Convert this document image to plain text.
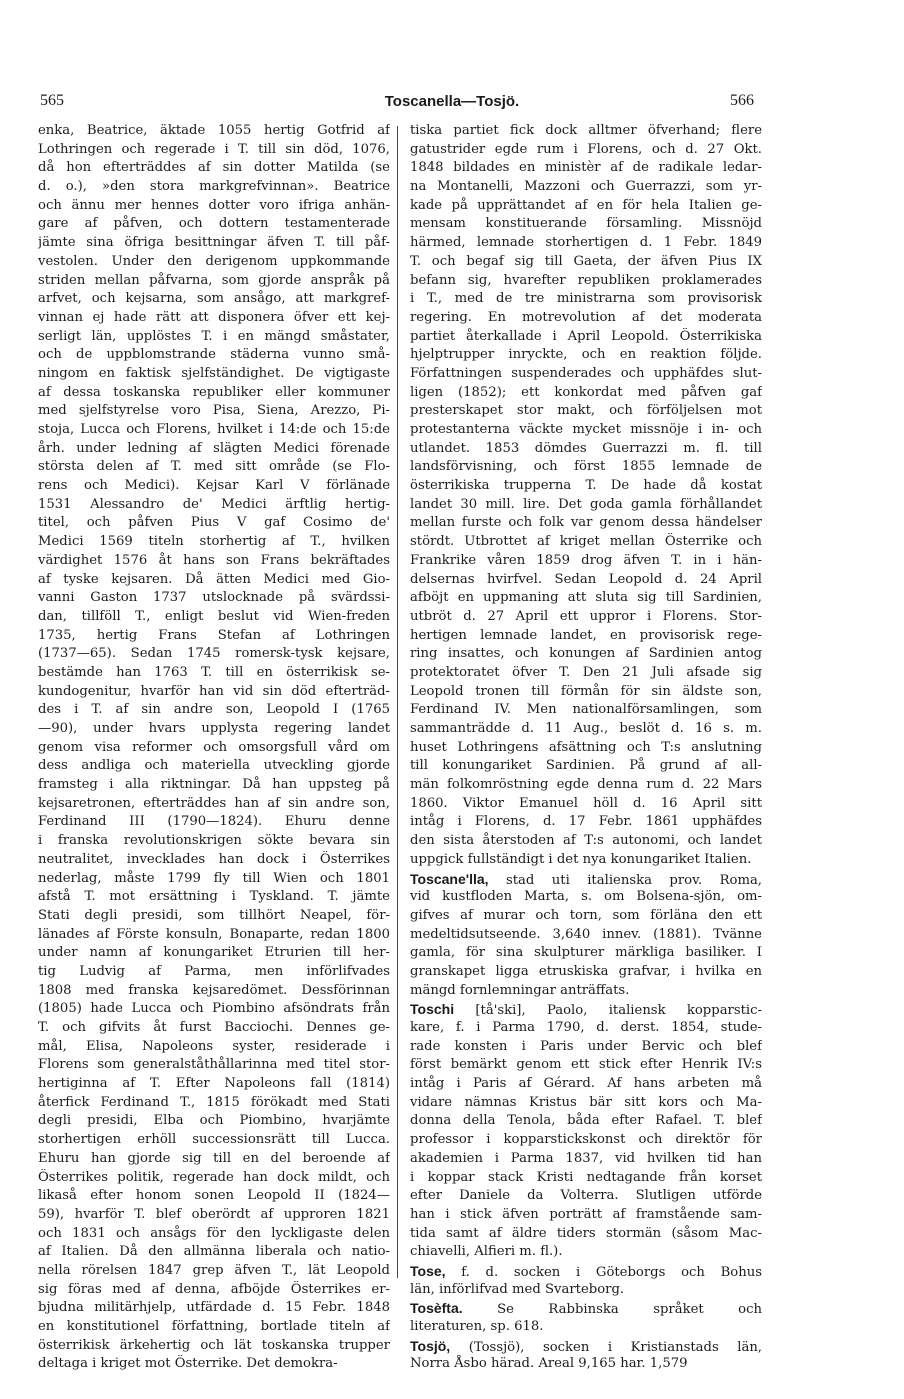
565	Toscanella—Tosjö.	566
enka, Beatrice, äktade 1055 hertig Gotfrid af
Lothringen och regerade i T. till sin död, 1076,
då hon efterträddes af sin dotter Matilda (se
d. o.), »den stora markgrefvinnan». Beatrice
och ännu mer hennes dotter voro ifriga anhän-
gare af påfven, och dottern testamenterade
jämte sina öfriga besittningar äfven T. till påf-
vestolen. Under den derigenom uppkommande
striden mellan påfvarna, som gjorde anspråk på
arfvet, och kejsarna, som ansågo, att markgref-
vinnan ej hade rätt att disponera öfver ett kej-
serligt län, upplöstes T. i en mängd småstater,
och de uppblomstrande städerna vunno små-
ningom en faktisk sjelfständighet. De vigtigaste
af dessa toskanska republiker eller kommuner
med sjelfstyrelse voro Pisa, Siena, Arezzo, Pi-
stoja, Lucca och Florens, hvilket i 14:de och 15:de
årh. under ledning af slägten Medici förenade
största delen af T. med sitt område (se Flo-
rens och Medici). Kejsar Karl V förlänade
1531 Alessandro de' Medici ärftlig hertig-
titel, och påfven Pius V gaf Cosimo de'
Medici 1569 titeln storhertig af T., hvilken
värdighet 1576 åt hans son Frans bekräftades
af tyske kejsaren. Då ätten Medici med Gio-
vanni Gaston 1737 utslocknade på svärdssi-
dan, tillföll T., enligt beslut vid Wien-freden
1735, hertig Frans Stefan af Lothringen
(1737—65). Sedan 1745 romersk-tysk kejsare,
bestämde han 1763 T. till en österrikisk se-
kundogenitur, hvarför han vid sin död efterträd-
des i T. af sin andre son, Leopold I (1765
—90), under hvars upplysta regering landet
genom visa reformer och omsorgsfull vård om
dess andliga och materiella utveckling gjorde
framsteg i alla riktningar. Då han uppsteg på
kejsaretronen, efterträddes han af sin andre son,
Ferdinand III (1790—1824). Ehuru denne
i franska revolutionskrigen sökte bevara sin
neutralitet, invecklades han dock i Österrikes
nederlag, måste 1799 fly till Wien och 1801
afstå T. mot ersättning i Tyskland. T. jämte
Stati degli presidi, som tillhört Neapel, för-
länades af Förste konsuln, Bonaparte, redan 1800
under namn af konungariket Etrurien till her-
tig Ludvig af Parma, men införlifvades
1808 med franska kejsaredömet. Dessförinnan
(1805) hade Lucca och Piombino afsöndrats från
T. och gifvits åt furst Bacciochi. Dennes ge-
mål, Elisa, Napoleons syster, residerade i
Florens som generalståthållarinna med titel stor-
hertiginna af T. Efter Napoleons fall (1814)
återfick Ferdinand T., 1815 förökadt med Stati
degli presidi, Elba och Piombino, hvarjämte
storhertigen erhöll successionsrätt till Lucca.
Ehuru han gjorde sig till en del beroende af
Österrikes politik, regerade han dock mildt, och
likaså efter honom sonen Leopold II (1824—
59), hvarför T. blef oberördt af upproren 1821
och 1831 och ansågs för den lyckligaste delen
af Italien. Då den allmänna liberala och natio-
nella rörelsen 1847 grep äfven T., lät Leopold
sig föras med af denna, afböjde Österrikes er-
bjudna militärhjelp, utfärdade d. 15 Febr. 1848
en konstitutionel författning, bortlade titeln af
österrikisk ärkehertig och lät toskanska trupper
deltaga i kriget mot Österrike. Det demokra-
tiska partiet fick dock alltmer öfverhand; flere
gatustrider egde rum i Florens, och d. 27 Okt.
1848 bildades en ministèr af de radikale ledar-
na Montanelli, Mazzoni och Guerrazzi, som yr-
kade på upprättandet af en för hela Italien ge-
mensam konstituerande församling. Missnöjd
härmed, lemnade storhertigen d. 1 Febr. 1849
T. och begaf sig till Gaeta, der äfven Pius IX
befann sig, hvarefter republiken proklamerades
i T., med de tre ministrarna som provisorisk
regering. En motrevolution af det moderata
partiet återkallade i April Leopold. Österrikiska
hjelptrupper inryckte, och en reaktion följde.
Författningen suspenderades och upphäfdes slut-
ligen (1852); ett konkordat med påfven gaf
presterskapet stor makt, och förföljelsen mot
protestanterna väckte mycket missnöje i in- och
utlandet. 1853 dömdes Guerrazzi m. fl. till
landsförvisning, och först 1855 lemnade de
österrikiska trupperna T. De hade då kostat
landet 30 mill. lire. Det goda gamla förhållandet
mellan furste och folk var genom dessa händelser
stördt. Utbrottet af kriget mellan Österrike och
Frankrike våren 1859 drog äfven T. in i hän-
delsernas hvirfvel. Sedan Leopold d. 24 April
afböjt en uppmaning att sluta sig till Sardinien,
utbröt d. 27 April ett uppror i Florens. Stor-
hertigen lemnade landet, en provisorisk rege-
ring insattes, och konungen af Sardinien antog
protektoratet öfver T. Den 21 Juli afsade sig
Leopold tronen till förmån för sin äldste son,
Ferdinand IV. Men nationalförsamlingen, som
sammanträdde d. 11 Aug., beslöt d. 16 s. m.
huset Lothringens afsättning och T:s anslutning
till konungariket Sardinien. På grund af all-
män folkomröstning egde denna rum d. 22 Mars
1860. Viktor Emanuel höll d. 16 April sitt
intåg i Florens, d. 17 Febr. 1861 upphäfdes
den sista återstoden af T:s autonomi, och landet
uppgick fullständigt i det nya konungariket Italien.
Toscane'lla, stad uti italienska prov. Roma,
vid kustfloden Marta, s. om Bolsena-sjön, om-
gifves af murar och torn, som förläna den ett
medeltidsutseende. 3,640 innev. (1881). Tvänne
gamla, för sina skulpturer märkliga basiliker. I
granskapet ligga etruskiska grafvar, i hvilka en
mängd fornlemningar anträffats.
Toschi [tå'ski], Paolo, italiensk kopparstic-
kare, f. i Parma 1790, d. derst. 1854, stude-
rade konsten i Paris under Bervic och blef
först bemärkt genom ett stick efter Henrik IV:s
intåg i Paris af Gérard. Af hans arbeten må
vidare nämnas Kristus bär sitt kors och Ma-
donna della Tenola, båda efter Rafael. T. blef
professor i kopparstickskonst och direktör för
akademien i Parma 1837, vid hvilken tid han
i koppar stack Kristi nedtagande från korset
efter Daniele da Volterra. Slutligen utförde
han i stick äfven porträtt af framstående sam-
tida samt af äldre tiders stormän (såsom Mac-
chiavelli, Alfieri m. fl.).
Tose, f. d. socken i Göteborgs och Bohus
län, införlifvad med Svarteborg.
Tosèfta. Se Rabbinska språket och
literaturen, sp. 618.
Tosjö, (Tossjö), socken i Kristianstads län,
Norra Åsbo härad. Areal 9,165 har. 1,579
